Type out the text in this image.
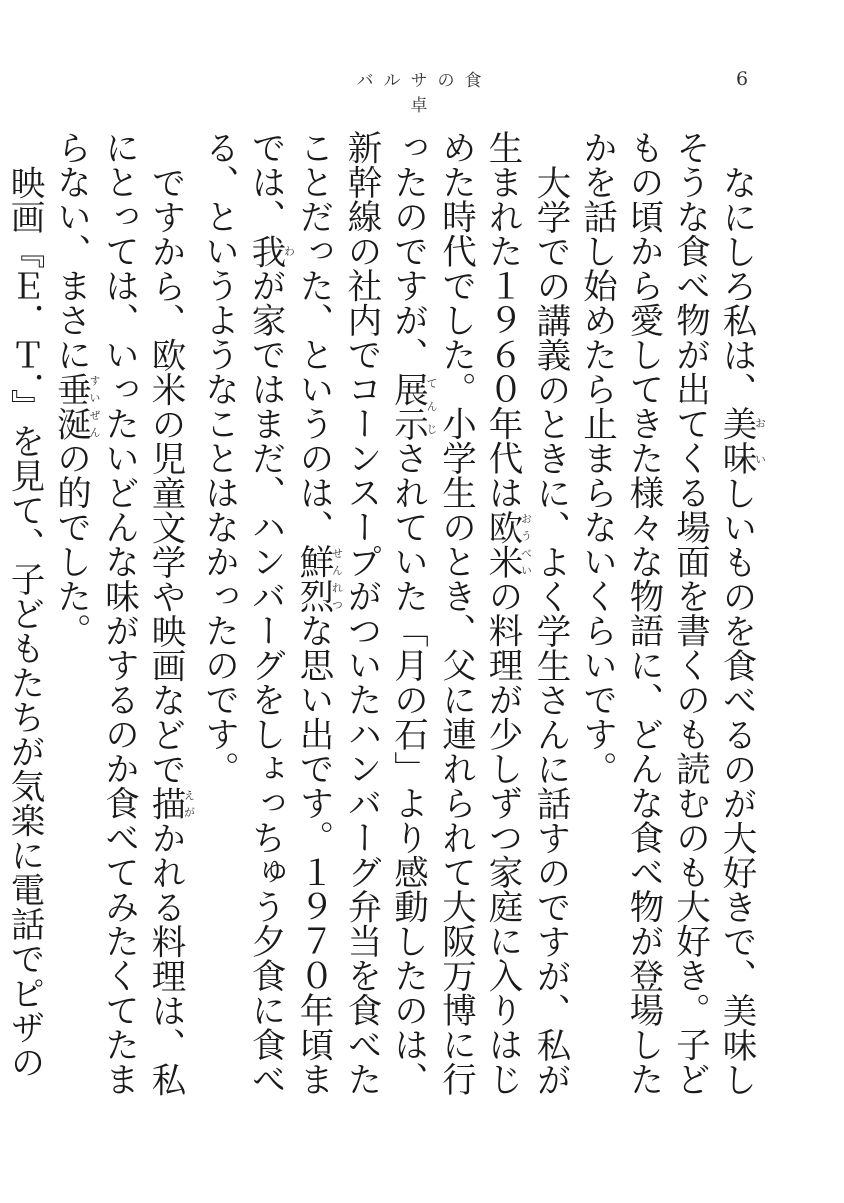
バルサの食卓
6

なにしろ私は、美味おいしいものを食べるのが大好きで、美味しそうな食べ物が出てくる場面を書くのも読むのも大好き。子どもの頃から愛してきた様々な物語に、どんな食べ物が登場したかを話し始めたら止まらないくらいです。

大学での講義のときに、よく学生さんに話すのですが、私が生まれた１９６０年代は欧米おうべいの料理が少しずつ家庭に入りはじめた時代でした。小学生のとき、父に連れられて大阪万博に行ったのですが、展示てんじされていた「月の石」より感動したのは、新幹線の社内でコーンスープがついたハンバーグ弁当を食べたことだった、というのは、鮮烈せんれつな思い出です。１９７０年頃までは、我わが家ではまだ、ハンバーグをしょっちゅう夕食に食べる、というようなことはなかったのです。

ですから、欧米の児童文学や映画などで描えがかれる料理は、私にとっては、いったいどんな味がするのか食べてみたくてたまらない、まさに垂涎すいぜんの的でした。

映画『Ｅ．Ｔ．』を見て、子どもたちが気楽に電話でピザの
